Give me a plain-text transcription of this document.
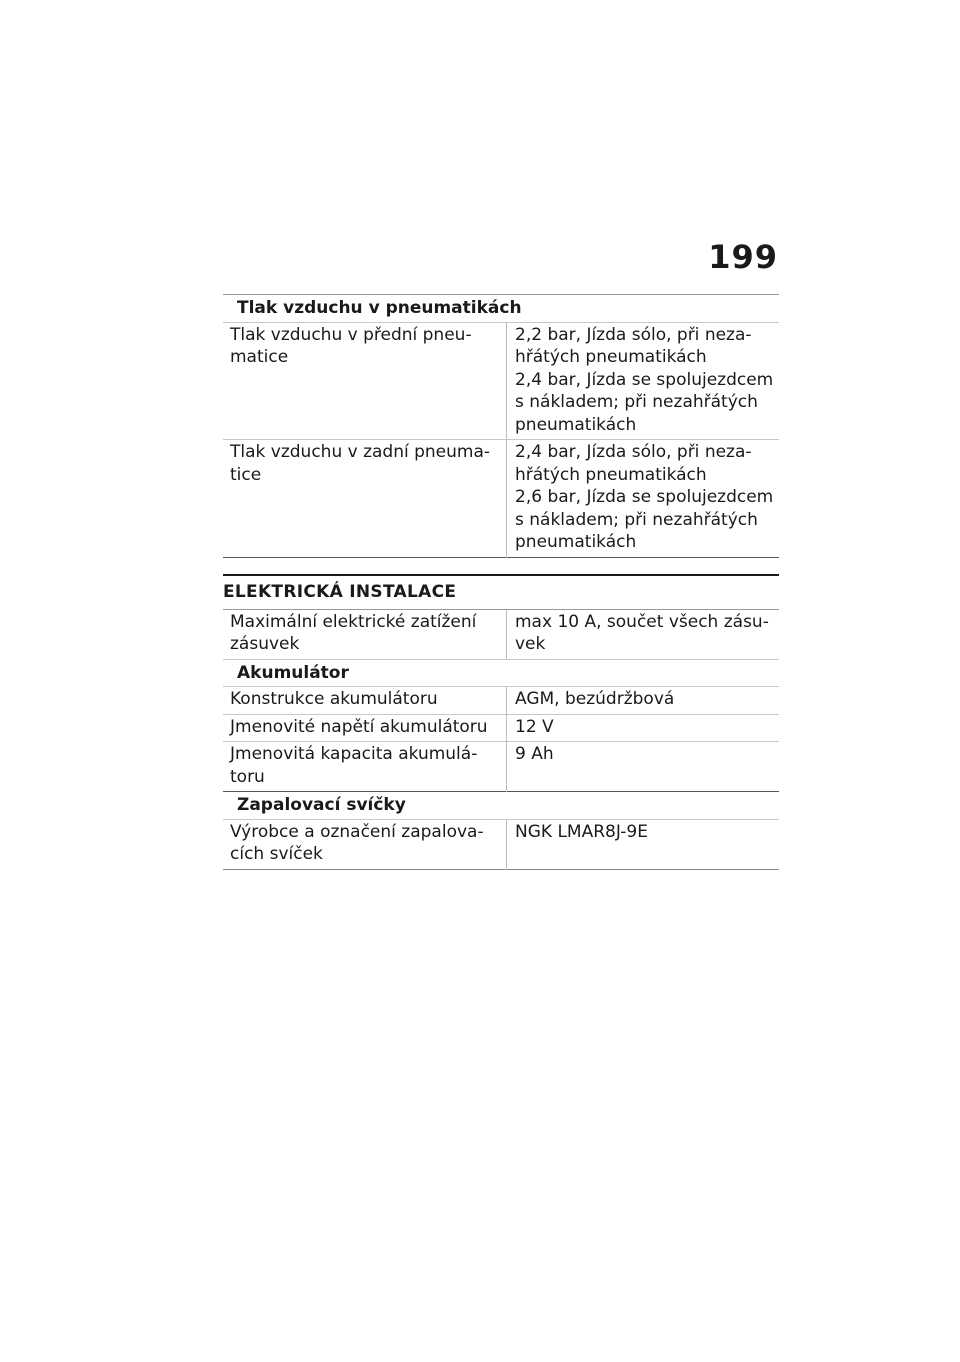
199
Tlak vzduchu v pneumatikách	

Tlak vzduchu v přední pneu-
matice	2,2 bar, Jízda sólo, při neza-
hřátých pneumatikách
2,4 bar, Jízda se spolujezdcem
s nákladem; při nezahřátých
pneumatikách

Tlak vzduchu v zadní pneuma-
tice	2,4 bar, Jízda sólo, při neza-
hřátých pneumatikách
2,6 bar, Jízda se spolujezdcem
s nákladem; při nezahřátých
pneumatikách
ELEKTRICKÁ INSTALACE
Maximální elektrické zatížení
zásuvek	max 10 A, součet všech zásu-
vek

Akumulátor	

Konstrukce akumulátoru	AGM, bezúdržbová

Jmenovité napětí akumulátoru	12 V

Jmenovitá kapacita akumulá-
toru	9 Ah

Zapalovací svíčky	

Výrobce a označení zapalova-
cích svíček	NGK LMAR8J-9E
